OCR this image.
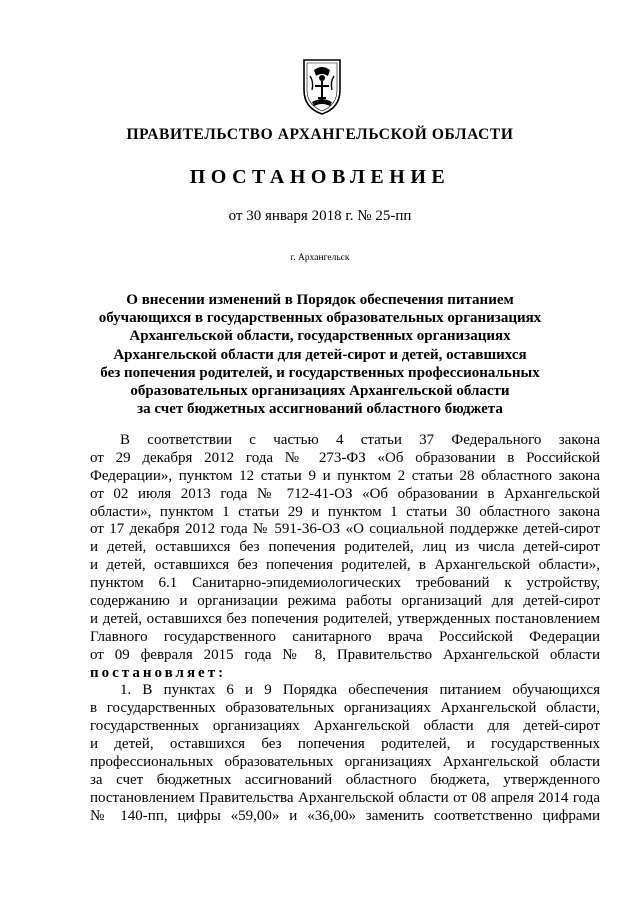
ПРАВИТЕЛЬСТВО АРХАНГЕЛЬСКОЙ ОБЛАСТИ
ПОСТАНОВЛЕНИЕ
от 30 января 2018 г. № 25-пп
г. Архангельск
О внесении изменений в Порядок обеспечения питанием
обучающихся в государственных образовательных организациях
Архангельской области, государственных организациях
Архангельской области для детей-сирот и детей, оставшихся
без попечения родителей, и государственных профессиональных
образовательных организациях Архангельской области
за счет бюджетных ассигнований областного бюджета
В соответствии с частью 4 статьи 37 Федерального закона
от 29 декабря 2012 года № 273-ФЗ «Об образовании в Российской
Федерации», пунктом 12 статьи 9 и пунктом 2 статьи 28 областного закона
от 02 июля 2013 года № 712-41-ОЗ «Об образовании в Архангельской
области», пунктом 1 статьи 29 и пунктом 1 статьи 30 областного закона
от 17 декабря 2012 года № 591-36-ОЗ «О социальной поддержке детей-сирот
и детей, оставшихся без попечения родителей, лиц из числа детей-сирот
и детей, оставшихся без попечения родителей, в Архангельской области»,
пунктом 6.1 Санитарно-эпидемиологических требований к устройству,
содержанию и организации режима работы организаций для детей-сирот
и детей, оставшихся без попечения родителей, утвержденных постановлением
Главного государственного санитарного врача Российской Федерации
от 09 февраля 2015 года № 8, Правительство Архангельской области
постановляет:
1. В пунктах 6 и 9 Порядка обеспечения питанием обучающихся
в государственных образовательных организациях Архангельской области,
государственных организациях Архангельской области для детей-сирот
и детей, оставшихся без попечения родителей, и государственных
профессиональных образовательных организациях Архангельской области
за счет бюджетных ассигнований областного бюджета, утвержденного
постановлением Правительства Архангельской области от 08 апреля 2014 года
№ 140-пп, цифры «59,00» и «36,00» заменить соответственно цифрами
